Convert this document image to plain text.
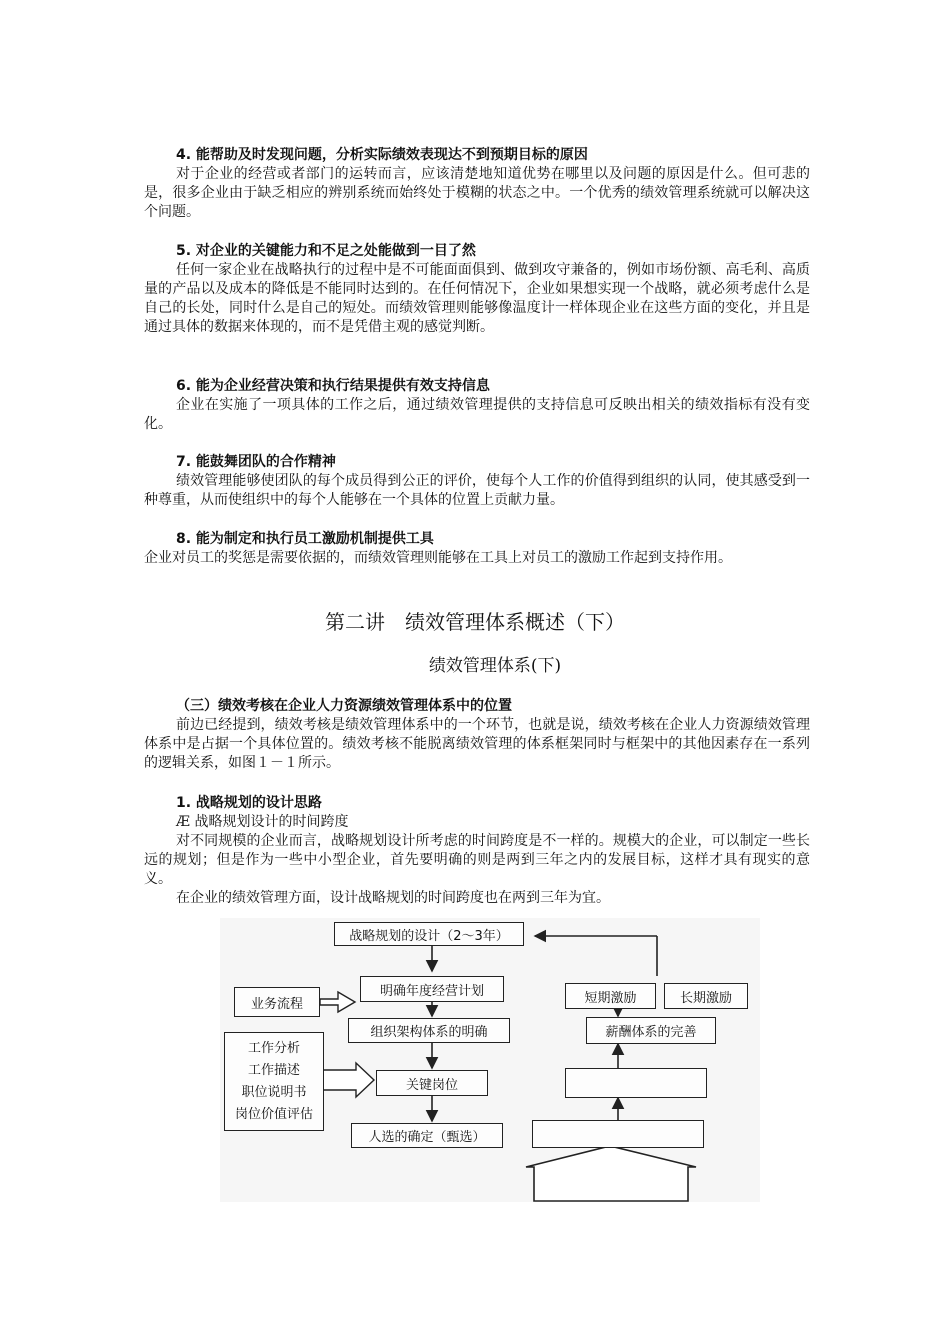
4. 能帮助及时发现问题，分析实际绩效表现达不到预期目标的原因
对于企业的经营或者部门的运转而言，应该清楚地知道优势在哪里以及问题的原因是什么。但可悲的是，很多企业由于缺乏相应的辨别系统而始终处于模糊的状态之中。一个优秀的绩效管理系统就可以解决这个问题。
5. 对企业的关键能力和不足之处能做到一目了然
任何一家企业在战略执行的过程中是不可能面面俱到、做到攻守兼备的，例如市场份额、高毛利、高质量的产品以及成本的降低是不能同时达到的。在任何情况下，企业如果想实现一个战略，就必须考虑什么是自己的长处，同时什么是自己的短处。而绩效管理则能够像温度计一样体现企业在这些方面的变化，并且是通过具体的数据来体现的，而不是凭借主观的感觉判断。
6. 能为企业经营决策和执行结果提供有效支持信息
企业在实施了一项具体的工作之后，通过绩效管理提供的支持信息可反映出相关的绩效指标有没有变化。
7. 能鼓舞团队的合作精神
绩效管理能够使团队的每个成员得到公正的评价，使每个人工作的价值得到组织的认同，使其感受到一种尊重，从而使组织中的每个人能够在一个具体的位置上贡献力量。
8. 能为制定和执行员工激励机制提供工具
企业对员工的奖惩是需要依据的，而绩效管理则能够在工具上对员工的激励工作起到支持作用。
第二讲　绩效管理体系概述（下）
绩效管理体系(下)
（三）绩效考核在企业人力资源绩效管理体系中的位置
前边已经提到，绩效考核是绩效管理体系中的一个环节，也就是说，绩效考核在企业人力资源绩效管理体系中是占据一个具体位置的。绩效考核不能脱离绩效管理的体系框架同时与框架中的其他因素存在一系列的逻辑关系，如图１－１所示。
1. 战略规划的设计思路
Æ 战略规划设计的时间跨度
对不同规模的企业而言，战略规划设计所考虑的时间跨度是不一样的。规模大的企业，可以制定一些长远的规划；但是作为一些中小型企业，首先要明确的则是两到三年之内的发展目标，这样才具有现实的意义。
在企业的绩效管理方面，设计战略规划的时间跨度也在两到三年为宜。
战略规划的设计（2～3年）
明确年度经营计划
业务流程
组织架构体系的明确
工作分析
工作描述
职位说明书
岗位价值评估
关键岗位
人选的确定（甄选）
短期激励	长期激励
薪酬体系的完善
